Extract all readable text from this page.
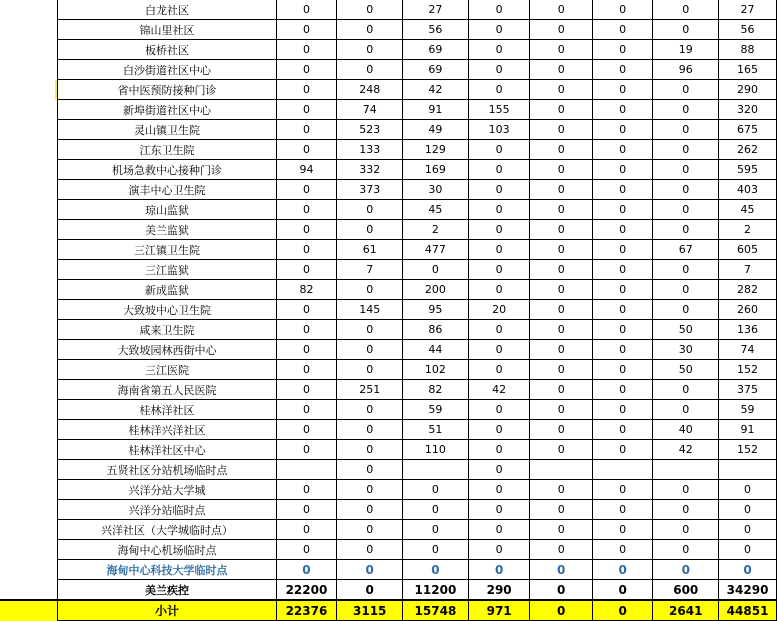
		白龙社区	0	0	27	0	0	0	0	27
		锦山里社区	0	0	56	0	0	0	0	56
		板桥社区	0	0	69	0	0	0	19	88
		白沙街道社区中心	0	0	69	0	0	0	96	165
		省中医预防接种门诊	0	248	42	0	0	0	0	290
		新埠街道社区中心	0	74	91	155	0	0	0	320
		灵山镇卫生院	0	523	49	103	0	0	0	675
		江东卫生院	0	133	129	0	0	0	0	262
		机场急救中心接种门诊	94	332	169	0	0	0	0	595
		演丰中心卫生院	0	373	30	0	0	0	0	403
		琼山监狱	0	0	45	0	0	0	0	45
		美兰监狱	0	0	2	0	0	0	0	2
		三江镇卫生院	0	61	477	0	0	0	67	605
		三江监狱	0	7	0	0	0	0	0	7
		新成监狱	82	0	200	0	0	0	0	282
		大致坡中心卫生院	0	145	95	20	0	0	0	260
		咸来卫生院	0	0	86	0	0	0	50	136
		大致坡园林西街中心	0	0	44	0	0	0	30	74
		三江医院	0	0	102	0	0	0	50	152
		海南省第五人民医院	0	251	82	42	0	0	0	375
		桂林洋社区	0	0	59	0	0	0	0	59
		桂林洋兴洋社区	0	0	51	0	0	0	40	91
		桂林洋社区中心	0	0	110	0	0	0	42	152
		五贤社区分站机场临时点		0		0				
		兴洋分站大学城	0	0	0	0	0	0	0	0
		兴洋分站临时点	0	0	0	0	0	0	0	0
		兴洋社区（大学城临时点）	0	0	0	0	0	0	0	0
		海甸中心机场临时点	0	0	0	0	0	0	0	0
		海甸中心科技大学临时点	0	0	0	0	0	0	0	0
		美兰疾控	22200	0	11200	290	0	0	600	34290
		小计	22376	3115	15748	971	0	0	2641	44851
